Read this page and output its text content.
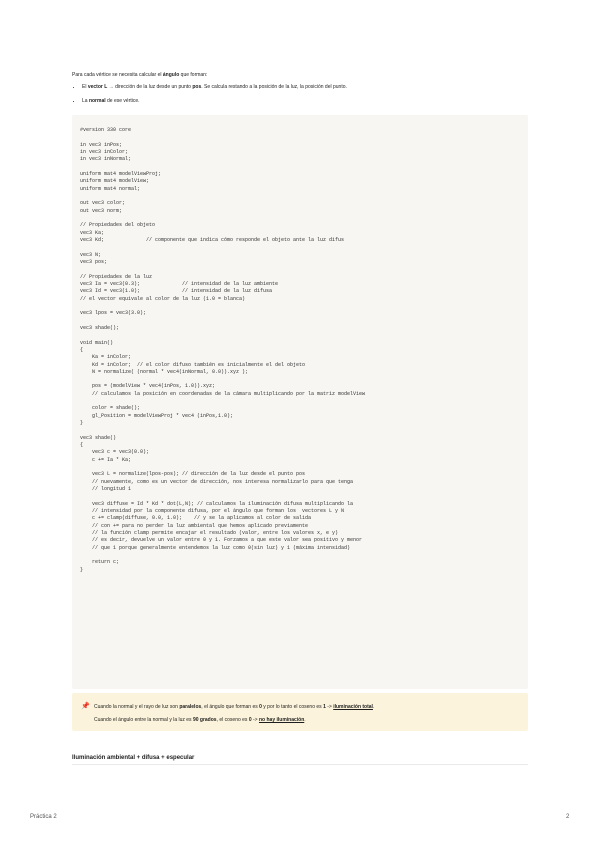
Para cada vértice se necesita calcular el ángulo que forman:
• El vector L → dirección de la luz desde un punto pos. Se calcula restando a la posición de la luz, la posición del punto.
• La normal de ese vértice.
#version 330 core

in vec3 inPos;
in vec3 inColor;
in vec3 inNormal;

uniform mat4 modelViewProj;
uniform mat4 modelView;
uniform mat4 normal;

out vec3 color;
out vec3 norm;

// Propiedades del objeto
vec3 Ka;
vec3 Kd;              // componente que indica cómo responde el objeto ante la luz difus

vec3 N;
vec3 pos;

// Propiedades de la luz
vec3 Ia = vec3(0.3);              // intensidad de la luz ambiente
vec3 Id = vec3(1.0);              // intensidad de la luz difusa
// el vector equivale al color de la luz (1.0 = blanca)

vec3 lpos = vec3(3.0);

vec3 shade();

void main()
{
Ka = inColor;
Kd = inColor;  // el color difuso también es inicialmente el del objeto
N = normalize( (normal * vec4(inNormal, 0.0)).xyz );

pos = (modelView * vec4(inPos, 1.0)).xyz;
// calculamos la posición en coordenadas de la cámara multiplicando por la matriz modelView

color = shade();
gl_Position = modelViewProj * vec4 (inPos,1.0);
}

vec3 shade()
{
vec3 c = vec3(0.0);
c += Ia * Ka;

vec3 L = normalize(lpos-pos); // dirección de la luz desde el punto pos
// nuevamente, como es un vector de dirección, nos interesa normalizarlo para que tenga
// longitud 1

vec3 diffuse = Id * Kd * dot(L,N); // calculamos la iluminación difusa multiplicando la
// intensidad por la componente difusa, por el ángulo que forman los  vectores L y N
c += clamp(diffuse, 0.0, 1.0);    // y se la aplicamos al color de salida
// con += para no perder la luz ambiental que hemos aplicado previamente
// la función clamp permite encajar el resultado (valor, entre los valores x, e y)
// es decir, devuelve un valor entre 0 y 1. Forzamos a que este valor sea positivo y menor
// que 1 porque generalmente entendemos la luz como 0(sin luz) y 1 (máxima intensidad)

return c;
}
📌 Cuando la normal y el rayo de luz son paralelos, el ángulo que forman es 0 y por lo tanto el coseno es 1 -> iluminación total.
Cuando el ángulo entre la normal y la luz es 90 grados, el coseno es 0 -> no hay iluminación.
Iluminación ambiental + difusa + especular
Práctica 2	2
